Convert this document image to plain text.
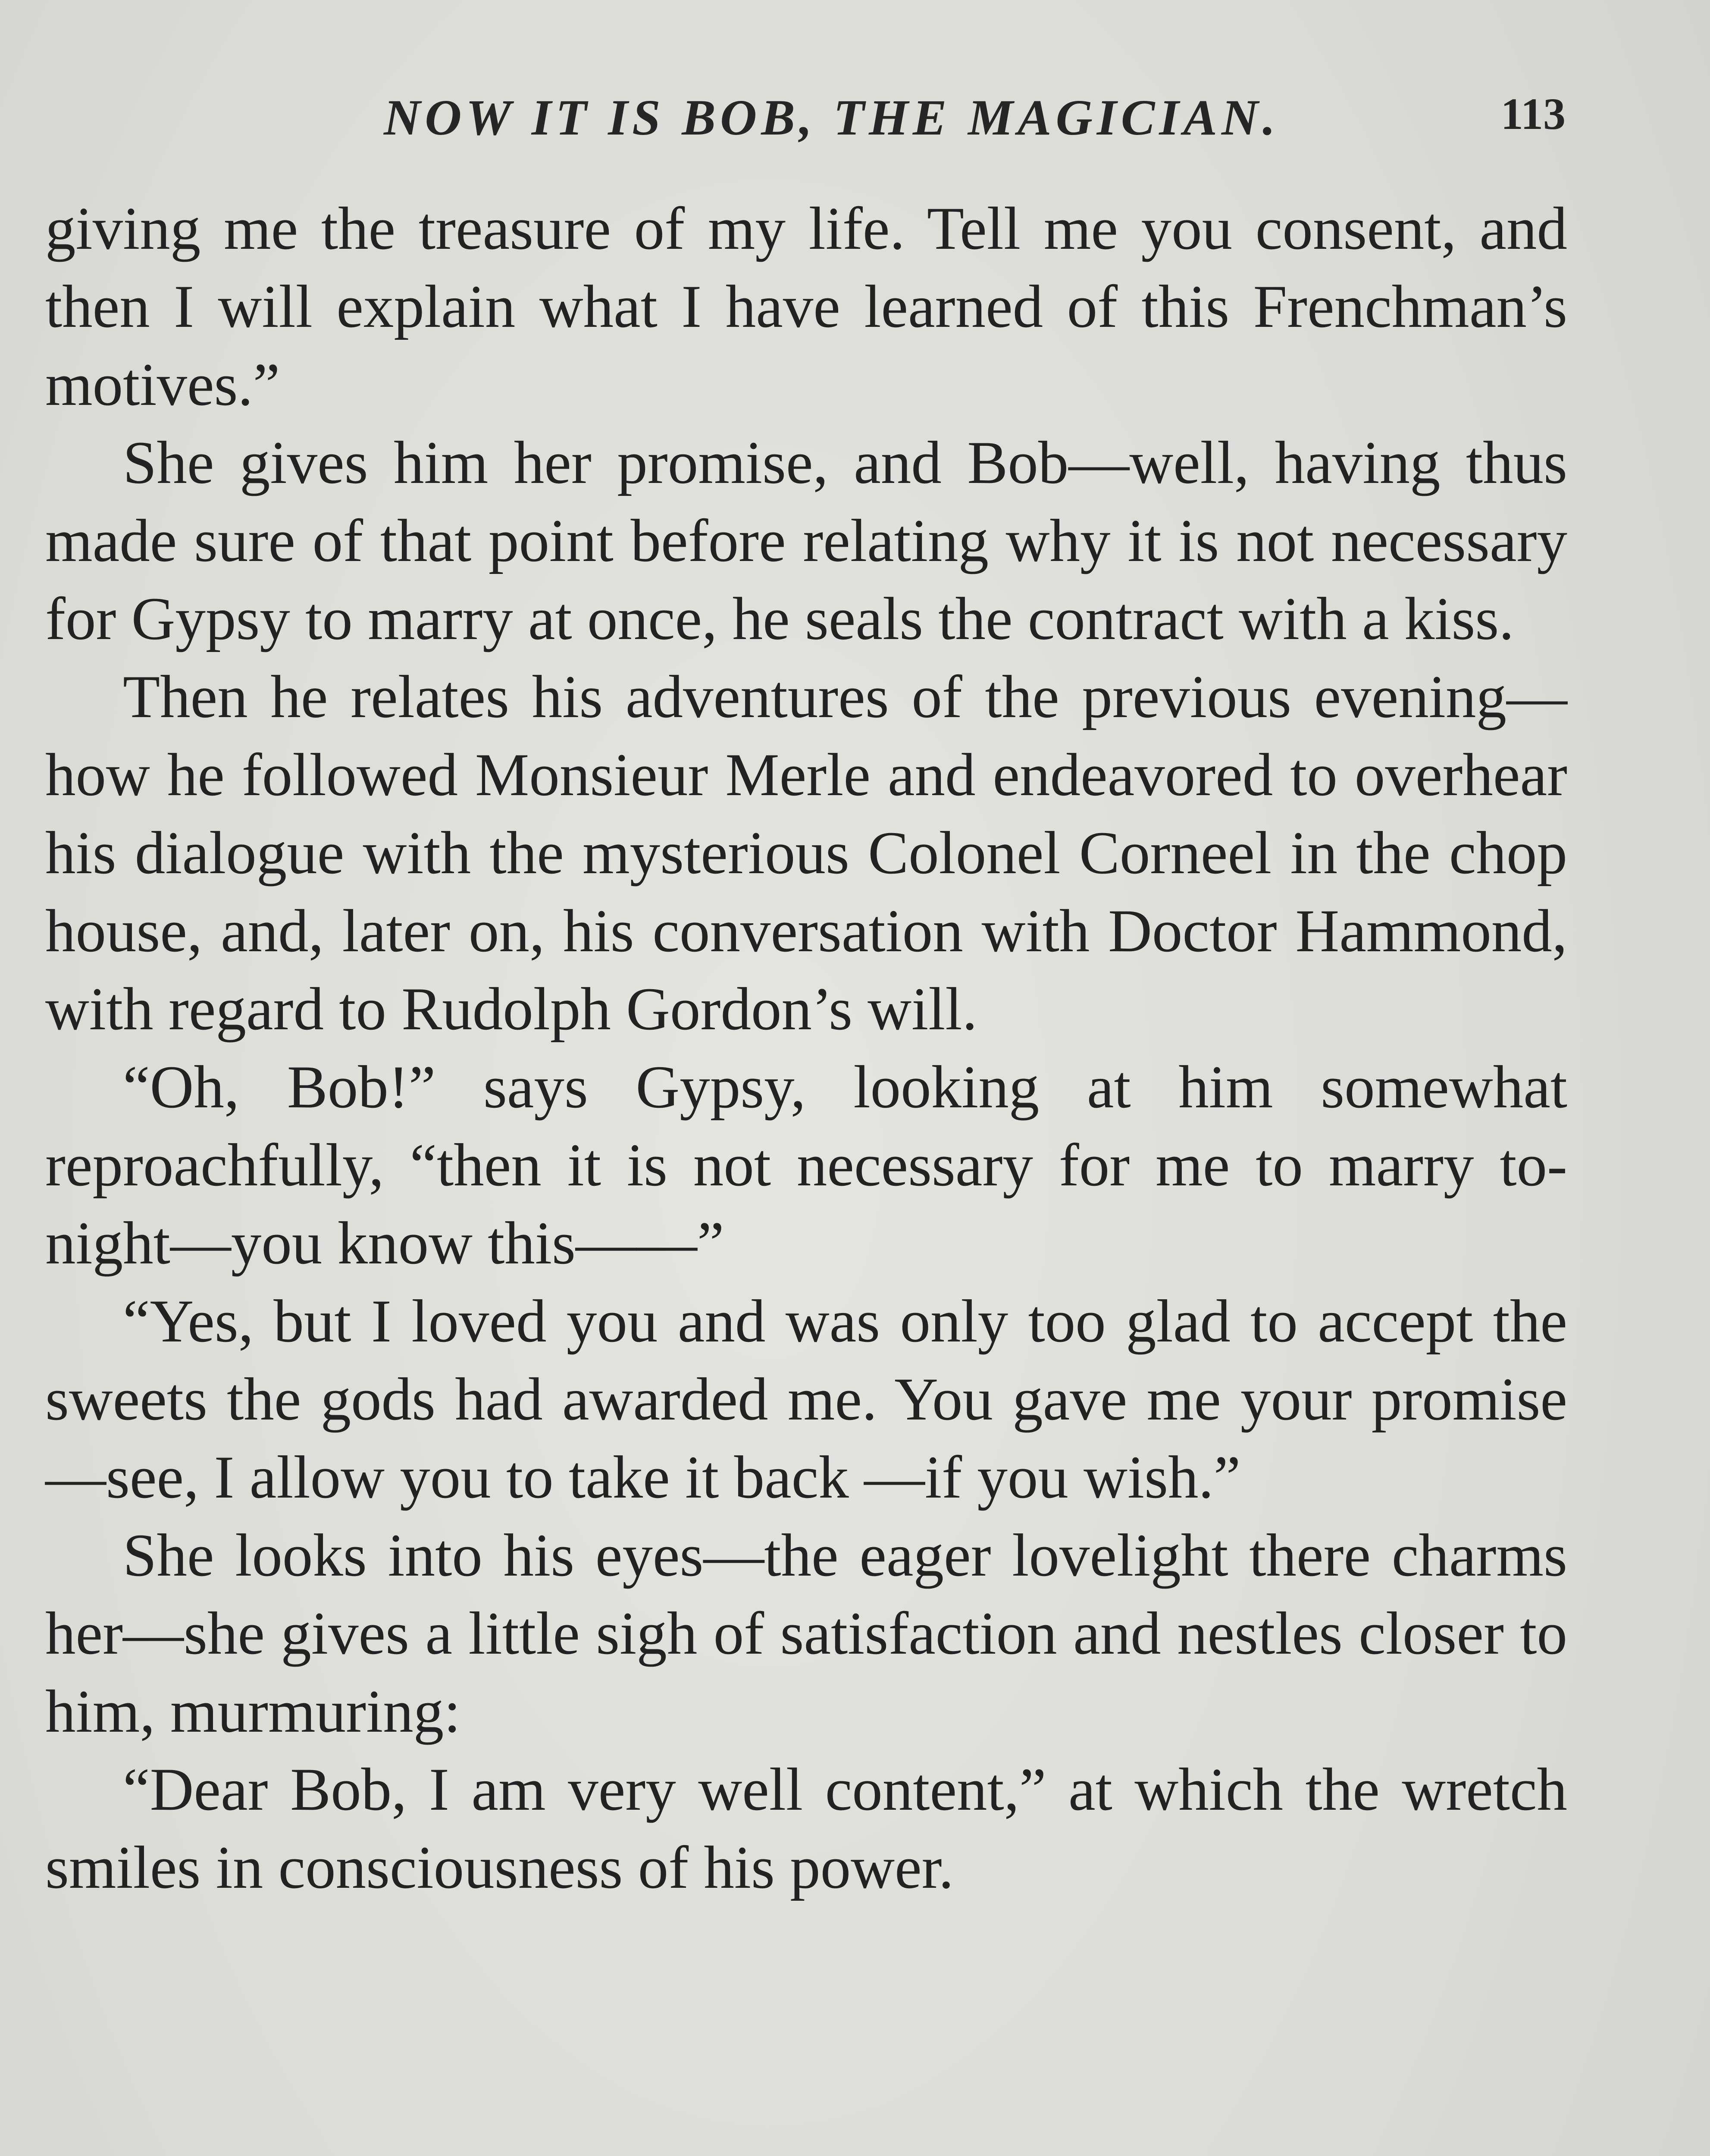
NOW IT IS BOB, THE MAGICIAN.	113

giving me the treasure of my life. Tell me you consent, and then I will explain what I have learned of this Frenchman’s motives.”

She gives him her promise, and Bob—well, having thus made sure of that point before relating why it is not necessary for Gypsy to marry at once, he seals the contract with a kiss.

Then he relates his adventures of the previous evening—how he followed Monsieur Merle and endeavored to overhear his dialogue with the mysterious Colonel Corneel in the chop house, and, later on, his conversation with Doctor Hammond, with regard to Rudolph Gordon’s will.

“Oh, Bob!” says Gypsy, looking at him somewhat reproachfully, “then it is not necessary for me to marry to-night—you know this——”

“Yes, but I loved you and was only too glad to accept the sweets the gods had awarded me. You gave me your promise—see, I allow you to take it back —if you wish.”

She looks into his eyes—the eager lovelight there charms her—she gives a little sigh of satisfaction and nestles closer to him, murmuring:

“Dear Bob, I am very well content,” at which the wretch smiles in consciousness of his power.
